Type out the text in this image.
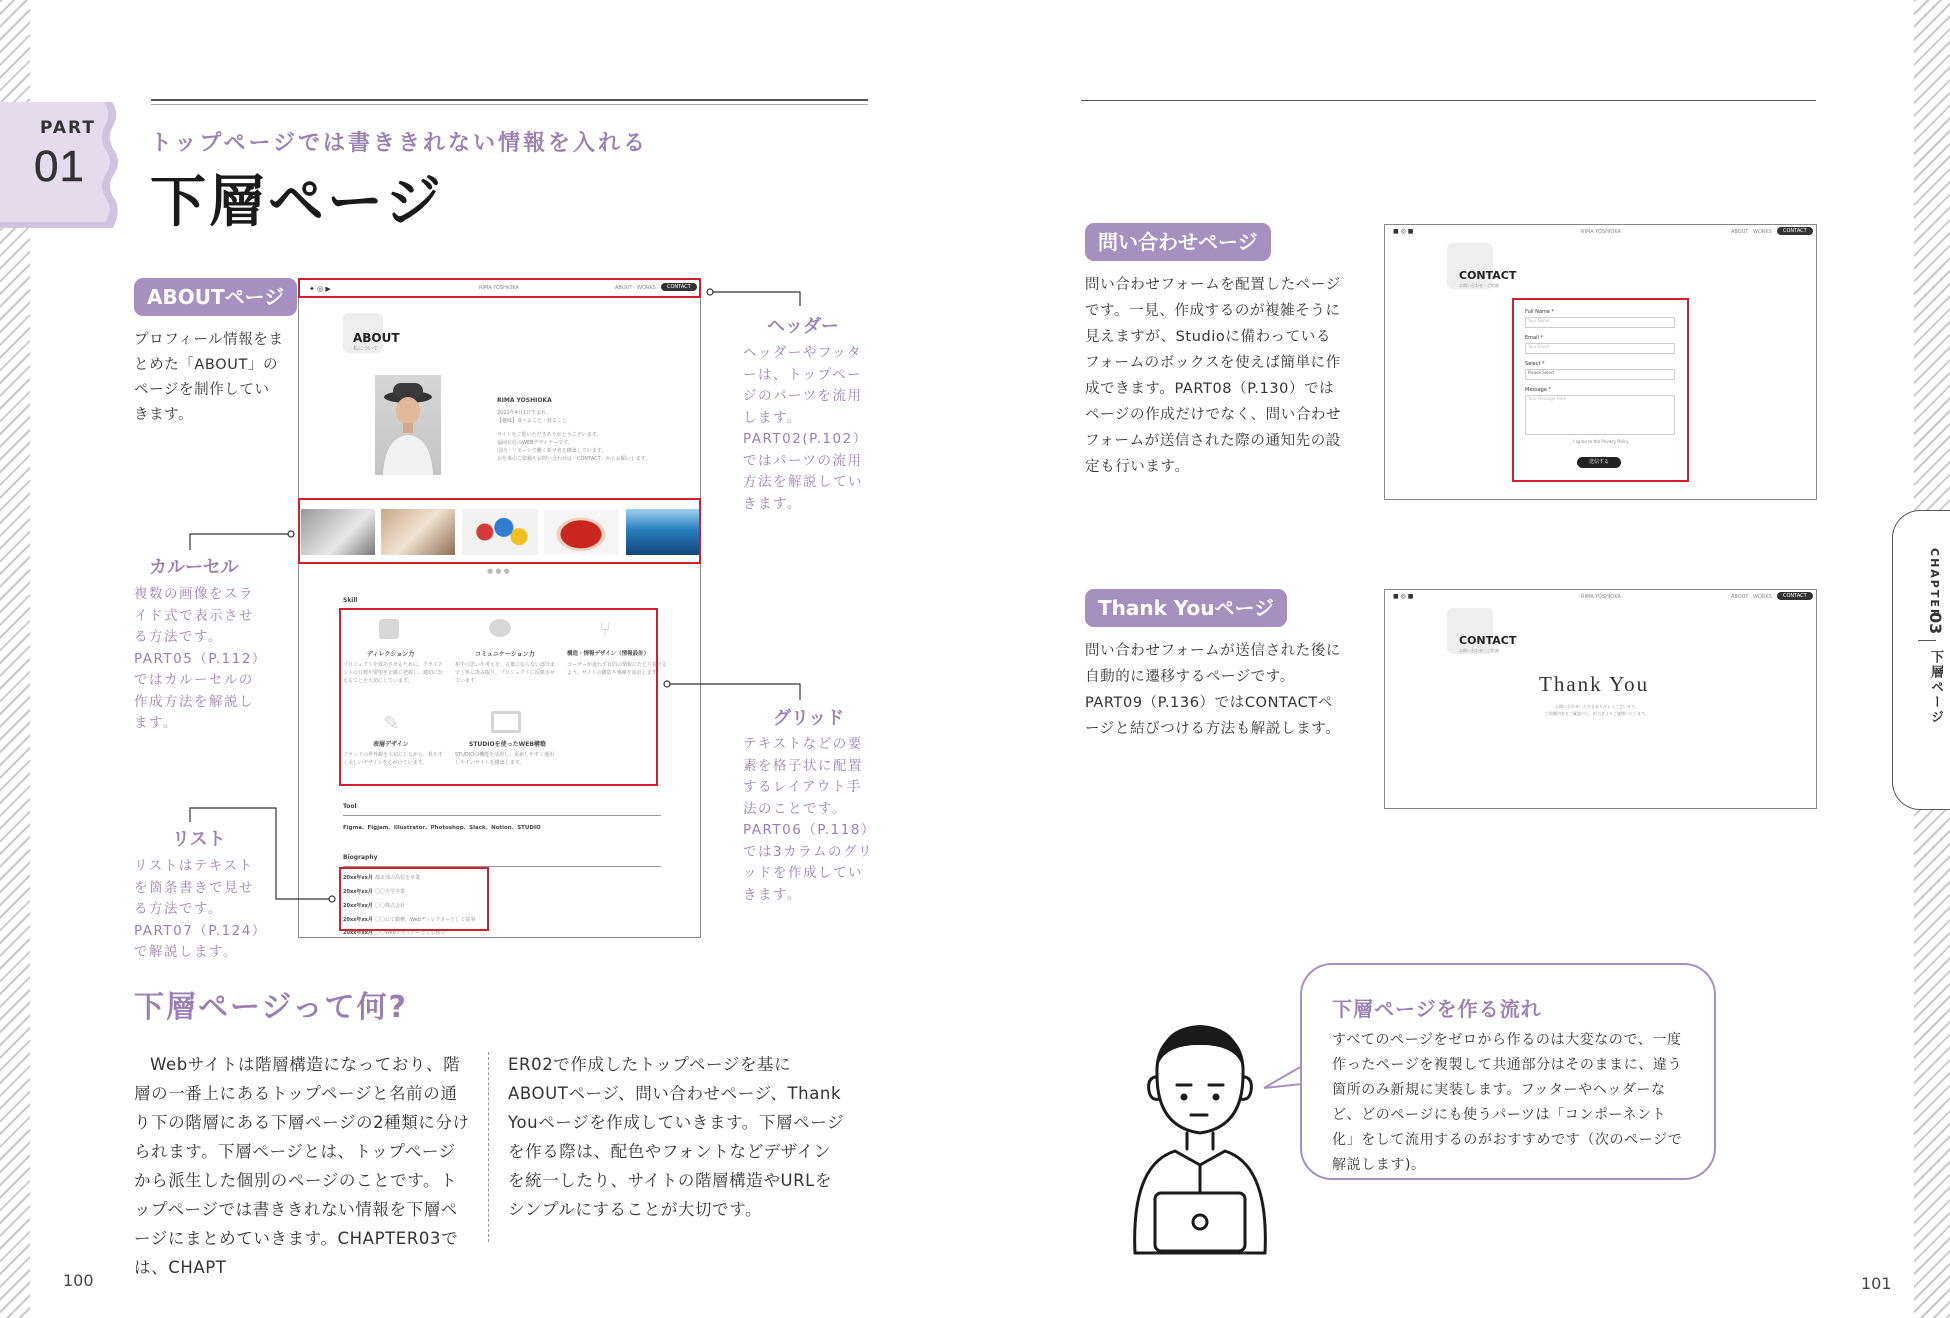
PART
01	トップページでは書ききれない情報を入れる
下層ページ
ABOUTページ
プロフィール情報をまとめた「ABOUT」のページを制作していきます。
✦ ◎ ▶	RIMA YOSHIOKA	ABOUT WORKS	CONTACT
ABOUT
私について
RIMA YOSHIOKA
2021年4月1日生まれ。
【趣味】食べること・寝ること
サイトをご覧いただきありがとうございます。
福岡在住のWEBデザイナーです。
国内・リモートで働く新卒者を構築しています。
お仕事のご依頼やお問い合わせは「CONTACT」からお願いします。
● ● ●
Skill
⑂
ディレクション力
プロジェクトを成功させるために、クライアントの目標や要望を正確に把握し、適切に伝えることを大切にしています。
コミュニケーション力
相手の思いや考えを、言葉にならない部分まで丁寧に汲み取り、プロジェクトに反映させています。
構造・情報デザイン（情報設計）
ユーザーが迷わず目的の情報にたどり着けるよう、サイトの構造や導線を設計します。
✎
表層デザイン
ブランドの世界観を大切にしながら、見やすく美しいデザインを心がけています。
STUDIOを使ったWEB構築
STUDIOの機能を活用し、更新しやすく運用しやすいサイトを構築します。
Tool
Figma、Figjam、Illustrator、Photoshop、Slack、Notion、STUDIO
Biography
20xx年xx月 都市部の高校を卒業
20xx年xx月 〇〇大学卒業
20xx年xx月 〇〇株式会社
20xx年xx月 〇〇にて勤務、Webディレクターとして従事
20xx年xx月 〇〇Webデザイナーとして独立
ヘッダー
ヘッダーやフッターは、トップページのパーツを流用します。PART02(P.102）ではパーツの流用方法を解説していきます。
カルーセル
複数の画像をスライド式で表示させる方法です。PART05（P.112）ではカルーセルの作成方法を解説します。	グリッド
テキストなどの要素を格子状に配置するレイアウト手法のことです。PART06（P.118）では3カラムのグリッドを作成していきます。
リスト
リストはテキストを箇条書きで見せる方法です。PART07（P.124）で解説します。
下層ページって何?
Webサイトは階層構造になっており、階層の一番上にあるトップページと名前の通り下の階層にある下層ページの2種類に分けられます。下層ページとは、トップページから派生した個別のページのことです。トップページでは書ききれない情報を下層ページにまとめていきます。CHAPTER03では、CHAPT
ER02で作成したトップページを基にABOUTページ、問い合わせページ、Thank Youページを作成していきます。下層ページを作る際は、配色やフォントなどデザインを統一したり、サイトの階層構造やURLをシンプルにすることが大切です。
100	101
問い合わせページ
問い合わせフォームを配置したページです。一見、作成するのが複雑そうに見えますが、Studioに備わっているフォームのボックスを使えば簡単に作成できます。PART08（P.130）ではページの作成だけでなく、問い合わせフォームが送信された際の通知先の設定も行います。
■ ◎ ■	RIMA YOSHIOKA	ABOUT WORKS	CONTACT
CONTACT
お問い合わせ・ご依頼
Full Name *
Your Name
Email *
Your Email
Select *
Please Select
Message *
Your Message Here
I agree to the Privacy Policy
送信する
Thank Youページ
問い合わせフォームが送信された後に自動的に遷移するページです。PART09（P.136）ではCONTACTページと結びつける方法も解説します。
■ ◎ ■	RIMA YOSHIOKA	ABOUT WORKS	CONTACT
CONTACT
お問い合わせ・ご依頼
Thank You
お問い合わせいただきありがとうございます。
ご依頼内容をご確認の上、担当者よりご連絡いたします。
下層ページを作る流れ
すべてのページをゼロから作るのは大変なので、一度作ったページを複製して共通部分はそのままに、違う箇所のみ新規に実装します。フッターやヘッダーなど、どのページにも使うパーツは「コンポーネント化」をして流用するのがおすすめです（次のページで解説します)。
CHAPTER
03
下層ページ
